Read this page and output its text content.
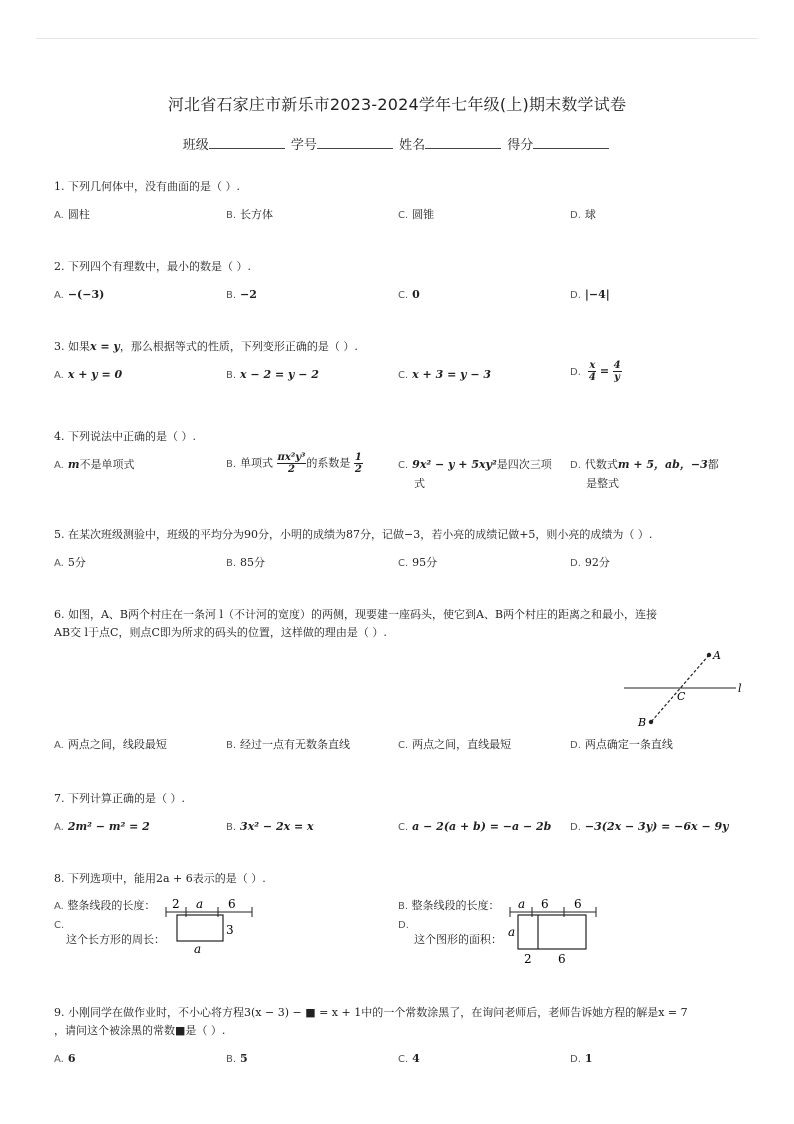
河北省石家庄市新乐市2023-2024学年七年级(上)期末数学试卷
班级	学号	姓名	得分

1. 下列几何体中，没有曲面的是（ ）.

A. 圆柱	B. 长方体	C. 圆锥	D. 球

2. 下列四个有理数中，最小的数是（ ）.

A. −(−3)	B. −2	C. 0	D. |−4|

3. 如果x = y，那么根据等式的性质，下列变形正确的是（ ）.

A. x + y = 0	B. x − 2 = y − 2	C. x + 3 = y − 3	D. $\frac{x}{4} = \frac{4}{y}$

4. 下列说法中正确的是（ ）.

A. m不是单项式	B. 单项式 $\frac{\text{πx²y³}}{2}$ 的系数是 $\frac{1}{2}$	C. 9x² − y + 5xy²是四次三项
式
D. 代数式m + 5，ab，−3都
是整式

5. 在某次班级测验中，班级的平均分为90分，小明的成绩为87分，记做−3，若小亮的成绩记做+5，则小亮的成绩为（ ）.

A. 5分	B. 85分	C. 95分	D. 92分

6. 如图，A、B两个村庄在一条河 l（不计河的宽度）的两侧，现要建一座码头，使它到A、B两个村庄的距离之和最小，连接

AB交 l于点C，则点C即为所求的码头的位置，这样做的理由是（ ）.

A
B
C
l
A. 两点之间，线段最短	B. 经过一点有无数条直线	C. 两点之间，直线最短	D. 两点确定一条直线

7. 下列计算正确的是（ ）.

A. 2m² − m² = 2	B. 3x² − 2x = x	C. a − 2(a + b) = −a − 2b D. −3(2x − 3y) = −6x − 9y

8. 下列选项中，能用2a + 6表示的是（ ）.

A. 整条线段的长度： 2 a 6
C.
这个长方形的周长：
3
a
B. 整条线段的长度： a 6 6
D.
这个图形的面积：
a
2 6

9. 小刚同学在做作业时，不小心将方程3(x − 3) − ■ = x + 1中的一个常数涂黑了，在询问老师后，老师告诉她方程的解是x = 7

，请问这个被涂黑的常数■是（ ）.

A. 6	B. 5	C. 4	D. 1
